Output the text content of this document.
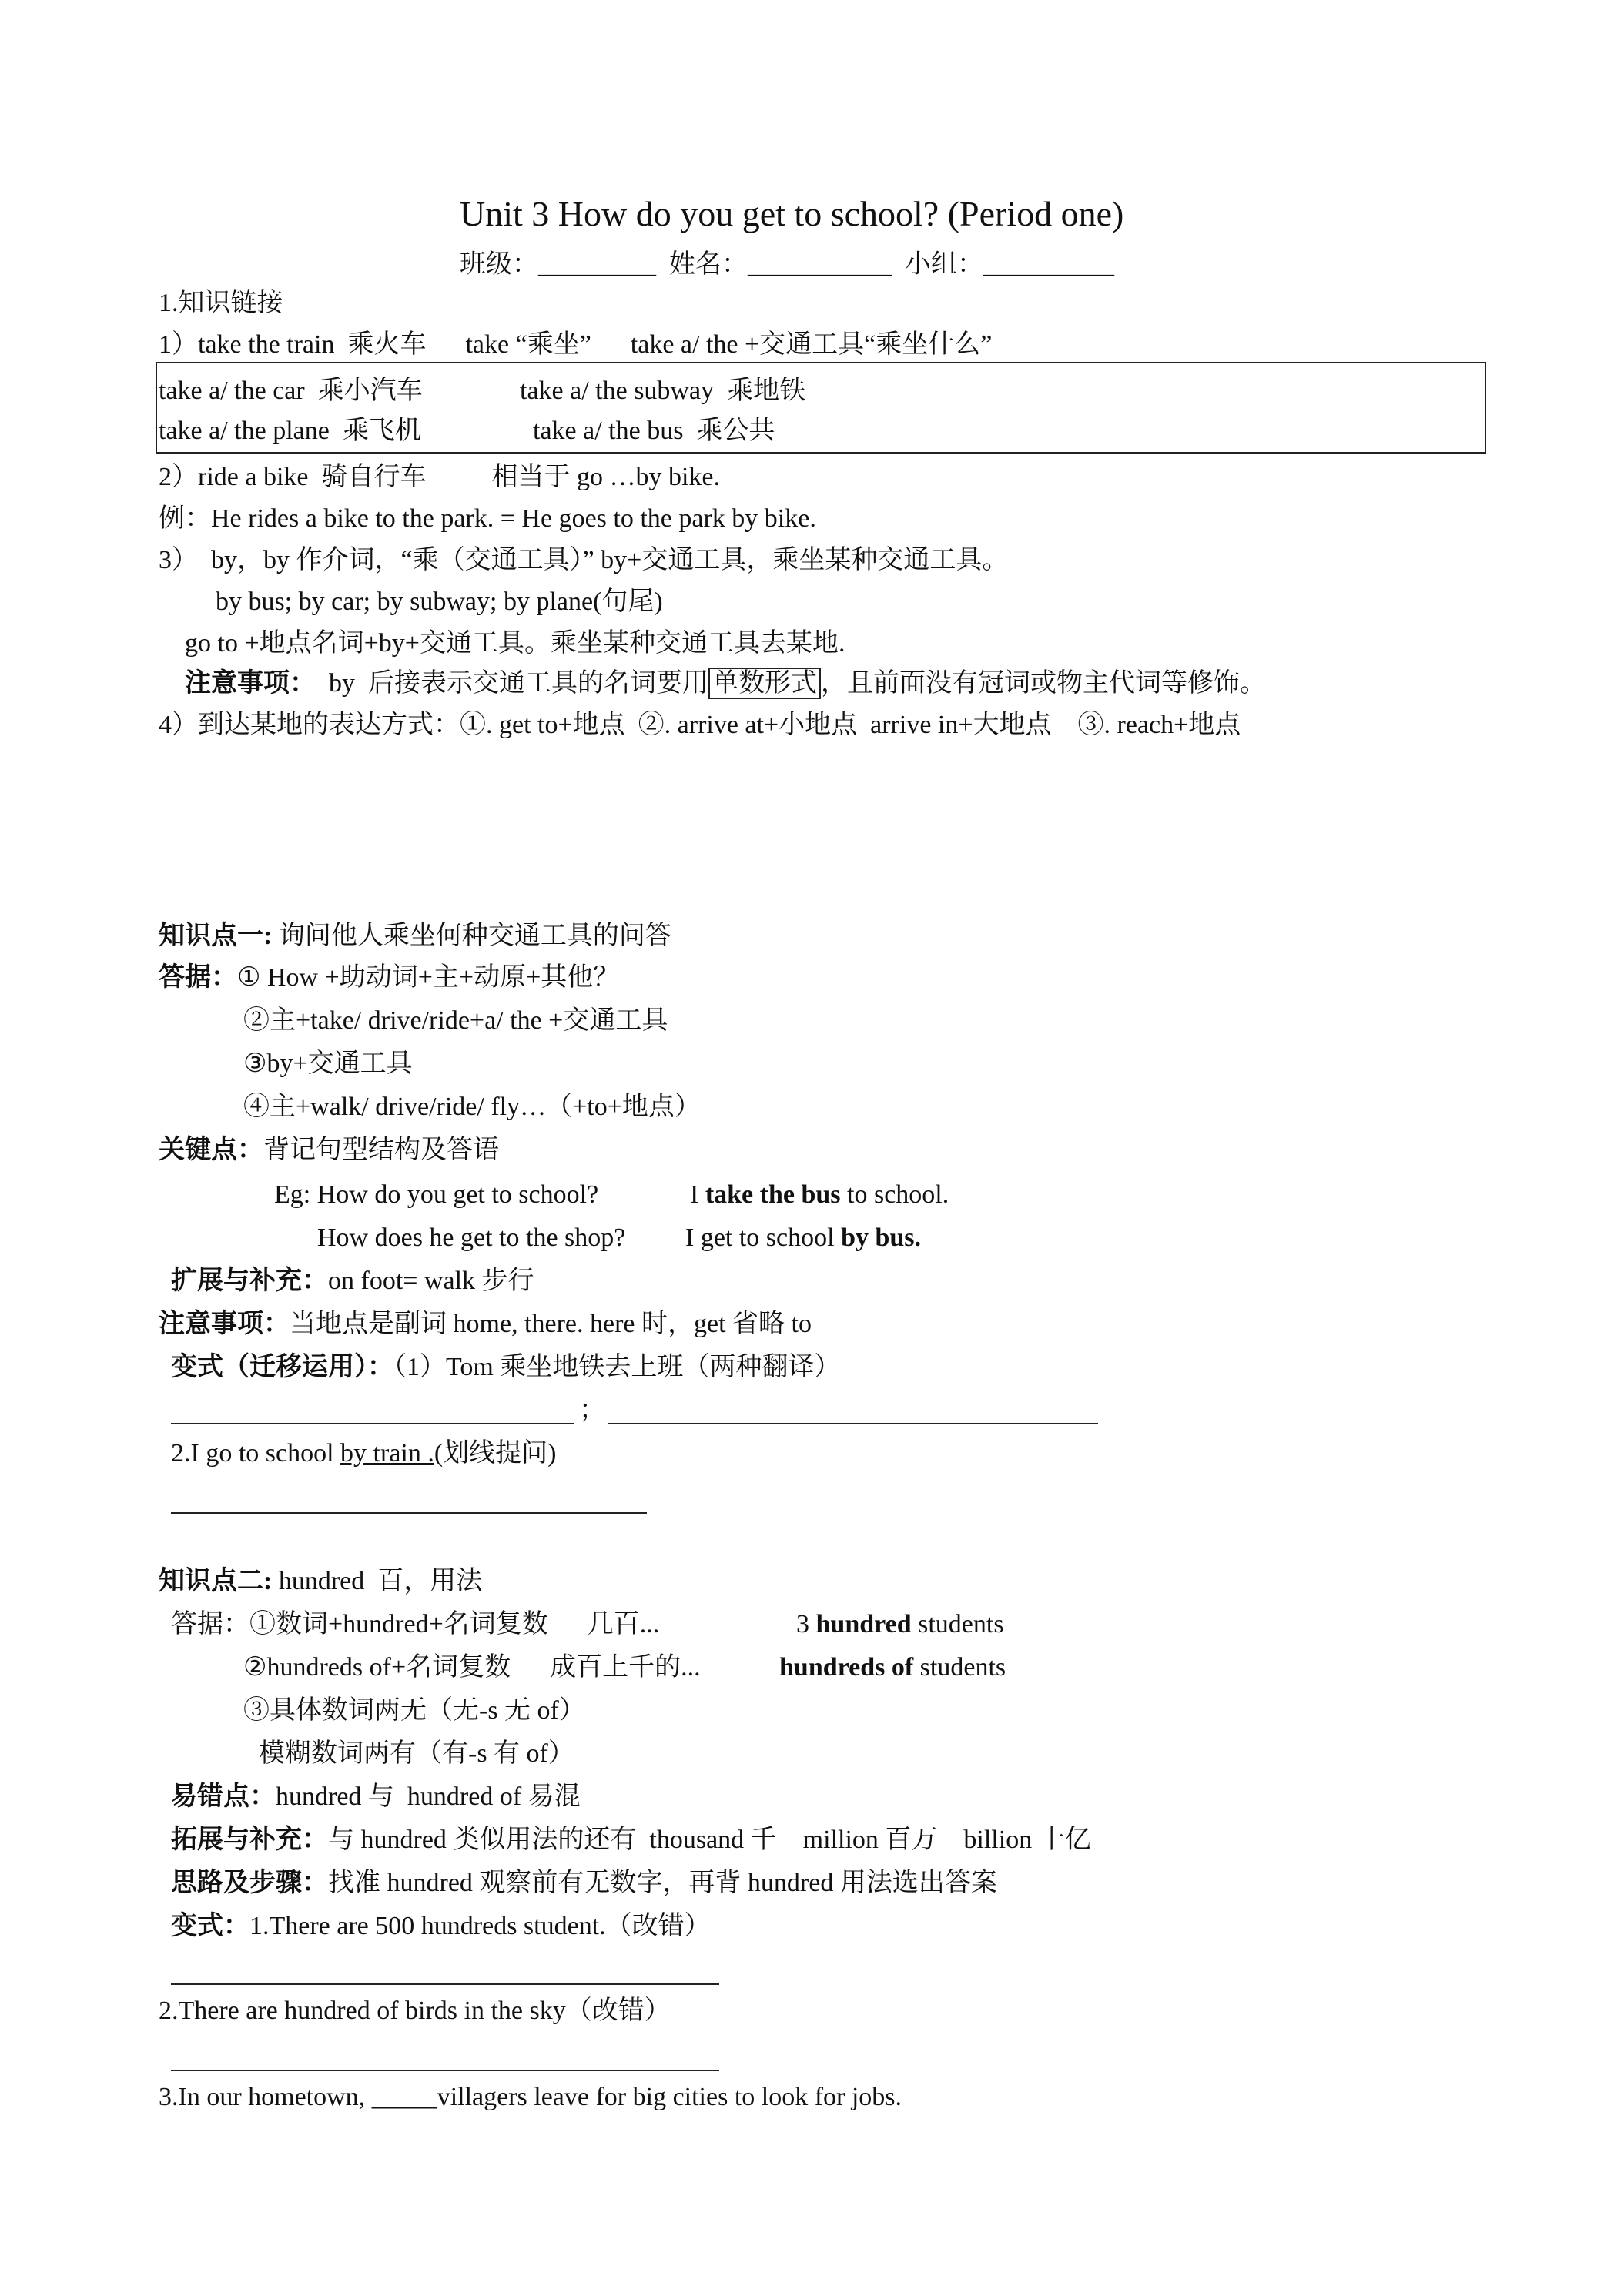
Unit 3 How do you get to school? (Period one)
班级：_________  姓名：___________  小组：__________
1.知识链接
1）take the train  乘火车      take “乘坐”      take a/ the +交通工具“乘坐什么”
take a/ the car  乘小汽车	take a/ the subway  乘地铁
take a/ the plane  乘飞机	take a/ the bus  乘公共
2）ride a bike  骑自行车          相当于 go …by bike.
例：He rides a bike to the park. = He goes to the park by bike.
3）  by，by 作介词，“乘（交通工具）” by+交通工具，乘坐某种交通工具。
by bus; by car; by subway; by plane(句尾)
go to +地点名词+by+交通工具。乘坐某种交通工具去某地.
注意事项：  by  后接表示交通工具的名词要用 单数形式 ，且前面没有冠词或物主代词等修饰。
4）到达某地的表达方式：①. get to+地点  ②. arrive at+小地点  arrive in+大地点    ③. reach+地点
知识点一: 询问他人乘坐何种交通工具的问答
答据：① How +助动词+主+动原+其他？
②主+take/ drive/ride+a/ the +交通工具
③by+交通工具
④主+walk/ drive/ride/ fly…（+to+地点）
关键点：背记句型结构及答语
Eg: How do you get to school?	I take the bus to school.
How does he get to the shop? I get to school by bus.
扩展与补充：on foot= walk 步行
注意事项：当地点是副词 home, there. here 时，get 省略 to
变式（迁移运用）：（1）Tom 乘坐地铁去上班（两种翻译）
；
2.I go to school by train .(划线提问)
知识点二: hundred  百，用法
答据：①数词+hundred+名词复数      几百...	3 hundred students
②hundreds of+名词复数      成百上千的...	hundreds of students
③具体数词两无（无-s 无 of）
模糊数词两有（有-s 有 of）
易错点：hundred 与  hundred of 易混
拓展与补充：与 hundred 类似用法的还有  thousand 千    million 百万    billion 十亿
思路及步骤：找准 hundred 观察前有无数字，再背 hundred 用法选出答案
变式：1.There are 500 hundreds student.（改错）
2.There are hundred of birds in the sky（改错）
3.In our hometown, _____villagers leave for big cities to look for jobs.
